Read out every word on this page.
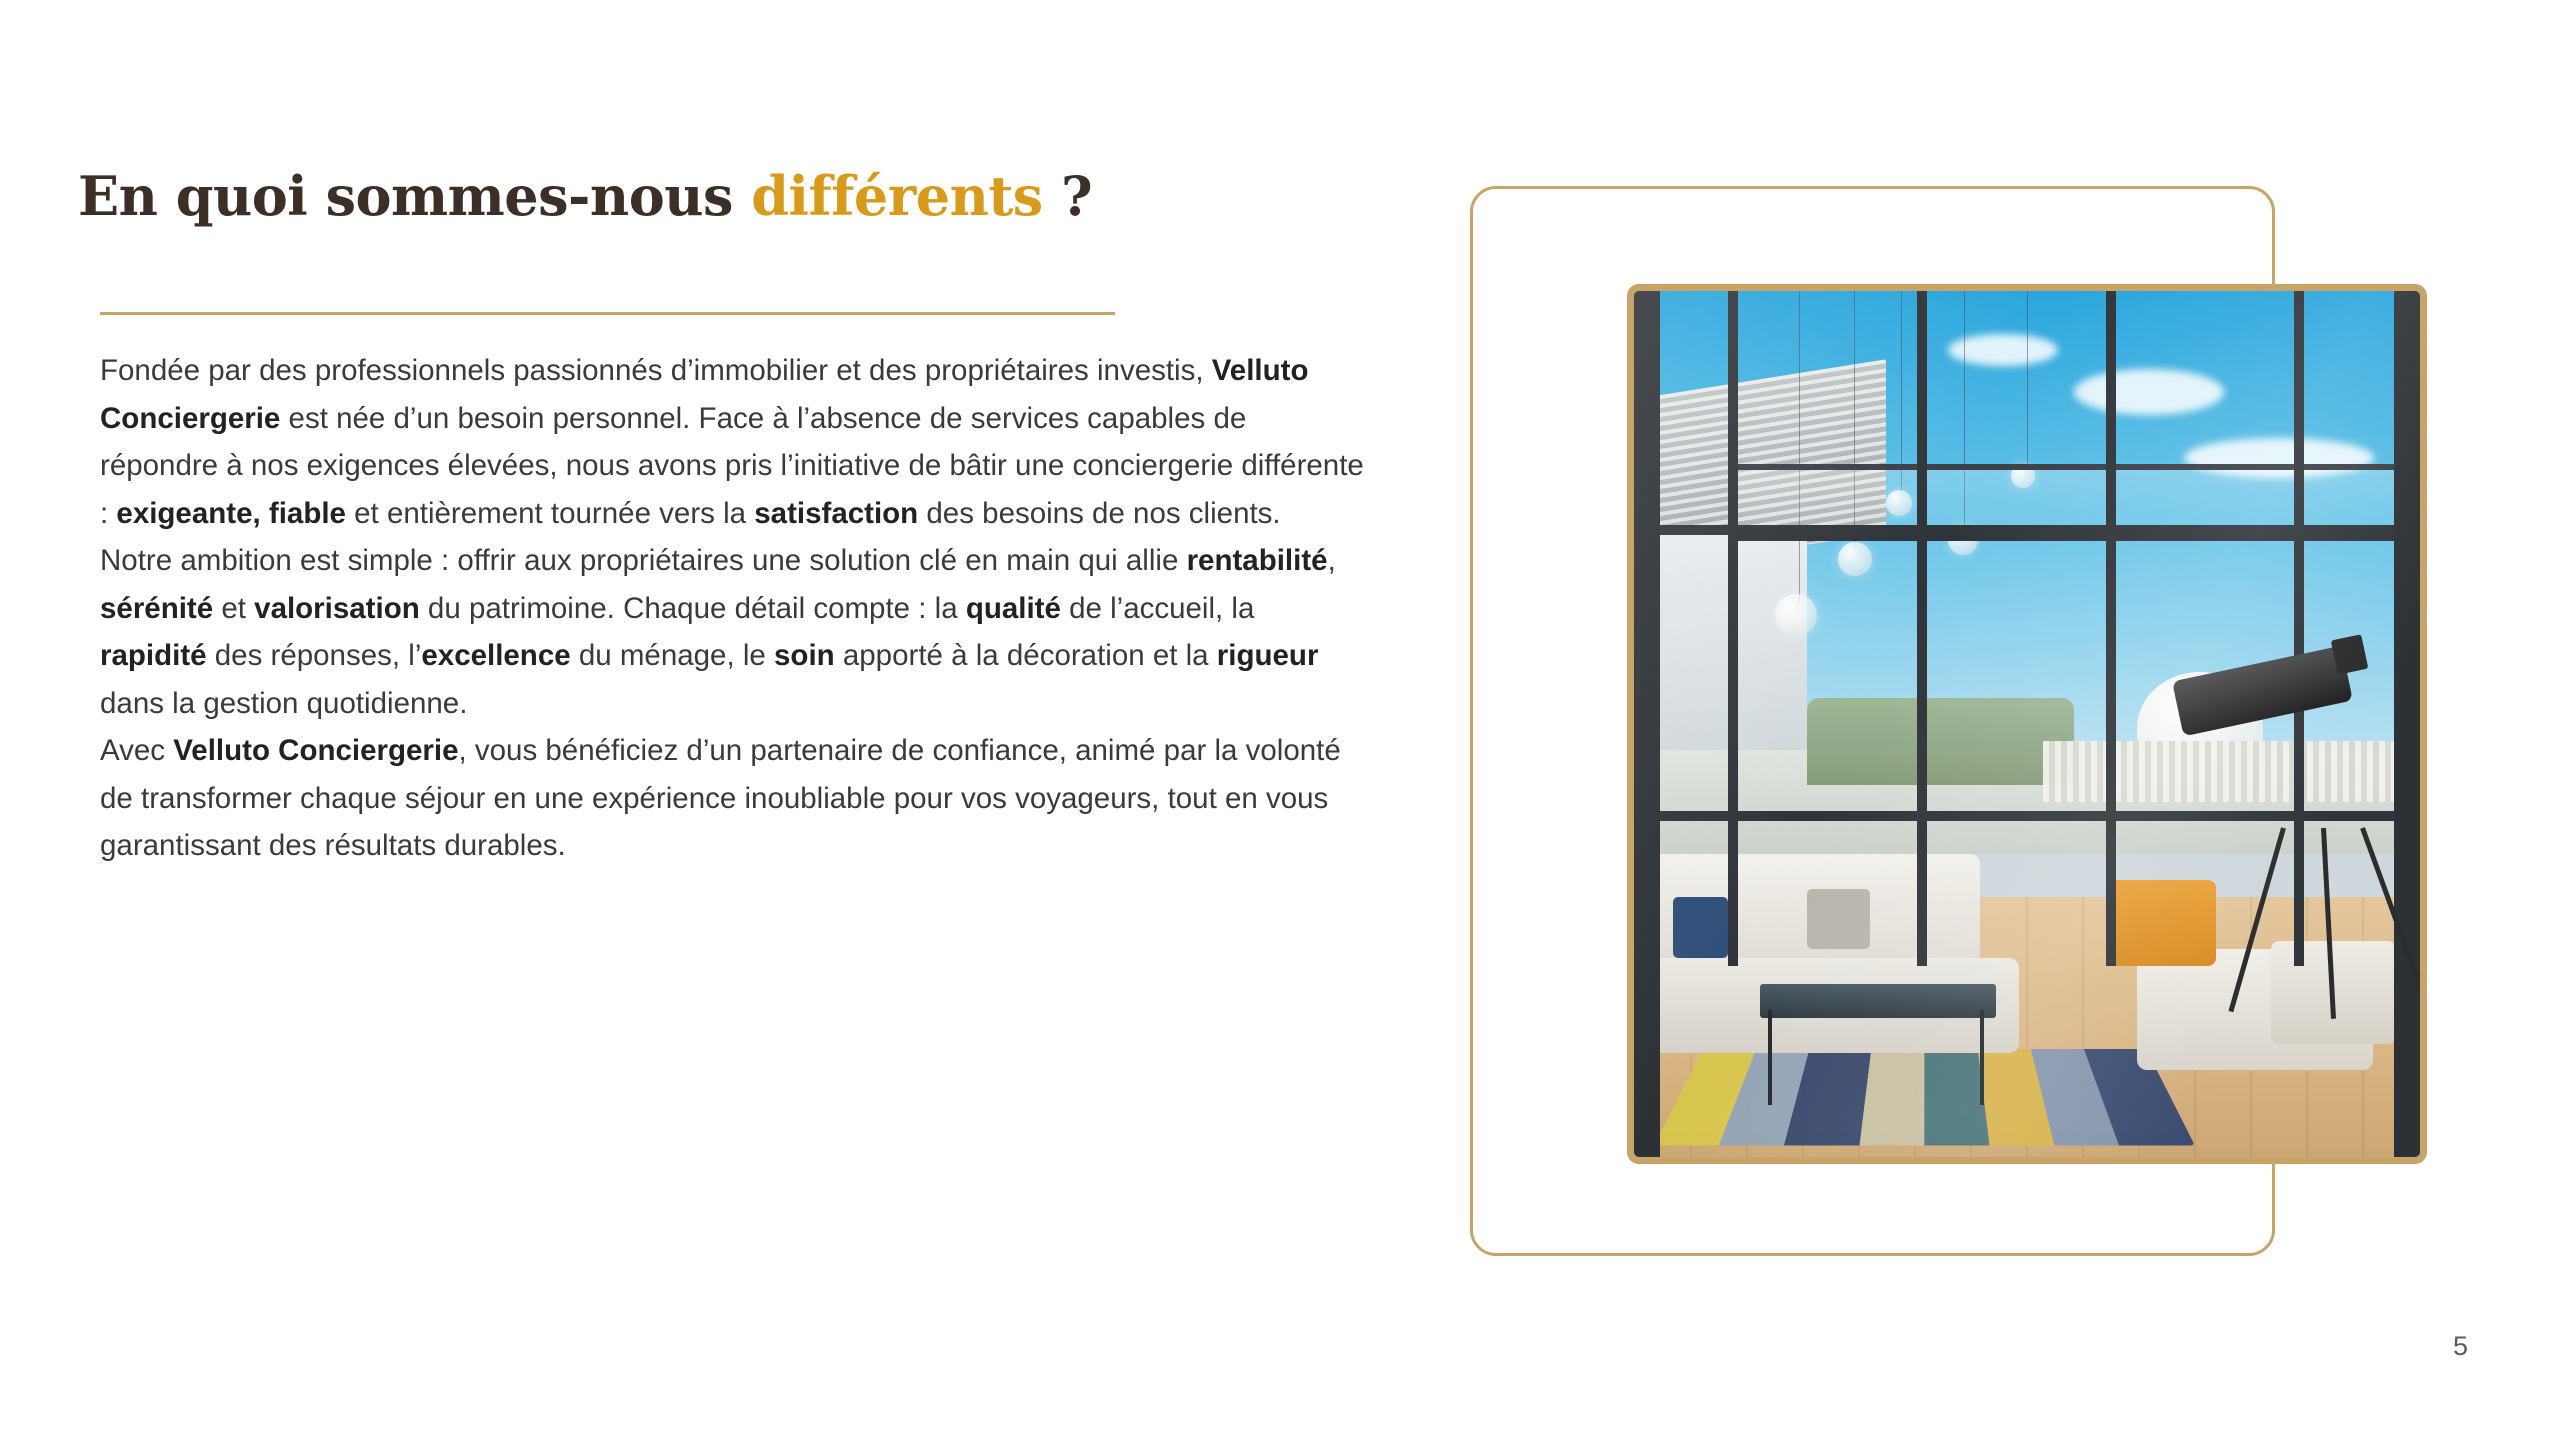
En quoi sommes-nous différents ?

Fondée par des professionnels passionnés d’immobilier et des propriétaires investis, Velluto Conciergerie est née d’un besoin personnel. Face à l’absence de services capables de répondre à nos exigences élevées, nous avons pris l’initiative de bâtir une conciergerie différente : exigeante, fiable et entièrement tournée vers la satisfaction des besoins de nos clients.

Notre ambition est simple : offrir aux propriétaires une solution clé en main qui allie rentabilité, sérénité et valorisation du patrimoine. Chaque détail compte : la qualité de l’accueil, la rapidité des réponses, l’excellence du ménage, le soin apporté à la décoration et la rigueur dans la gestion quotidienne.

Avec Velluto Conciergerie, vous bénéficiez d’un partenaire de confiance, animé par la volonté de transformer chaque séjour en une expérience inoubliable pour vos voyageurs, tout en vous garantissant des résultats durables.

5
